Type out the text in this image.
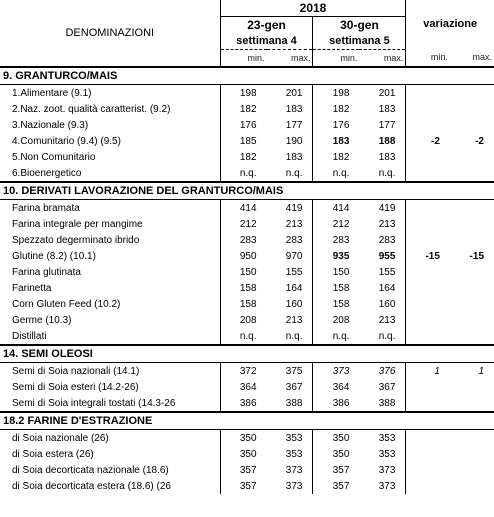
DENOMINAZIONI	2018				variazione	
	23-gen		30-gen			
	settimana 4		settimana 5			
	min.	max.	min.	max.	min.	max.
9. GRANTURCO/MAIS						
1.Alimentare (9.1)	198	201	198	201		
2.Naz. zoot. qualità caratterist. (9.2)	182	183	182	183		
3.Nazionale (9.3)	176	177	176	177		
4.Comunitario (9.4) (9.5)	185	190	183	188	-2	-2
5.Non Comunitario	182	183	182	183		
6.Bioenergetico	n.q.	n.q.	n.q.	n.q.		
10. DERIVATI LAVORAZIONE DEL GRANTURCO/MAIS						
Farina bramata	414	419	414	419		
Farina integrale per mangime	212	213	212	213		
Spezzato degerminato ibrido	283	283	283	283		
Glutine (8.2) (10.1)	950	970	935	955	-15	-15
Farina glutinata	150	155	150	155		
Farinetta	158	164	158	164		
Corn Gluten Feed (10.2)	158	160	158	160		
Germe (10.3)	208	213	208	213		
Distillati	n.q.	n.q.	n.q.	n.q.		
14. SEMI OLEOSI						
Semi di Soia nazionali (14.1)	372	375	373	376	1	1
Semi di Soia esteri (14.2-26)	364	367	364	367		
Semi di Soia integrali tostati (14.3-26	386	388	386	388		
18.2 FARINE D'ESTRAZIONE						
di Soia nazionale (26)	350	353	350	353		
di Soia estera (26)	350	353	350	353		
di Soia decorticata nazionale (18.6)	357	373	357	373		
di Soia decorticata estera (18.6) (26	357	373	357	373		
